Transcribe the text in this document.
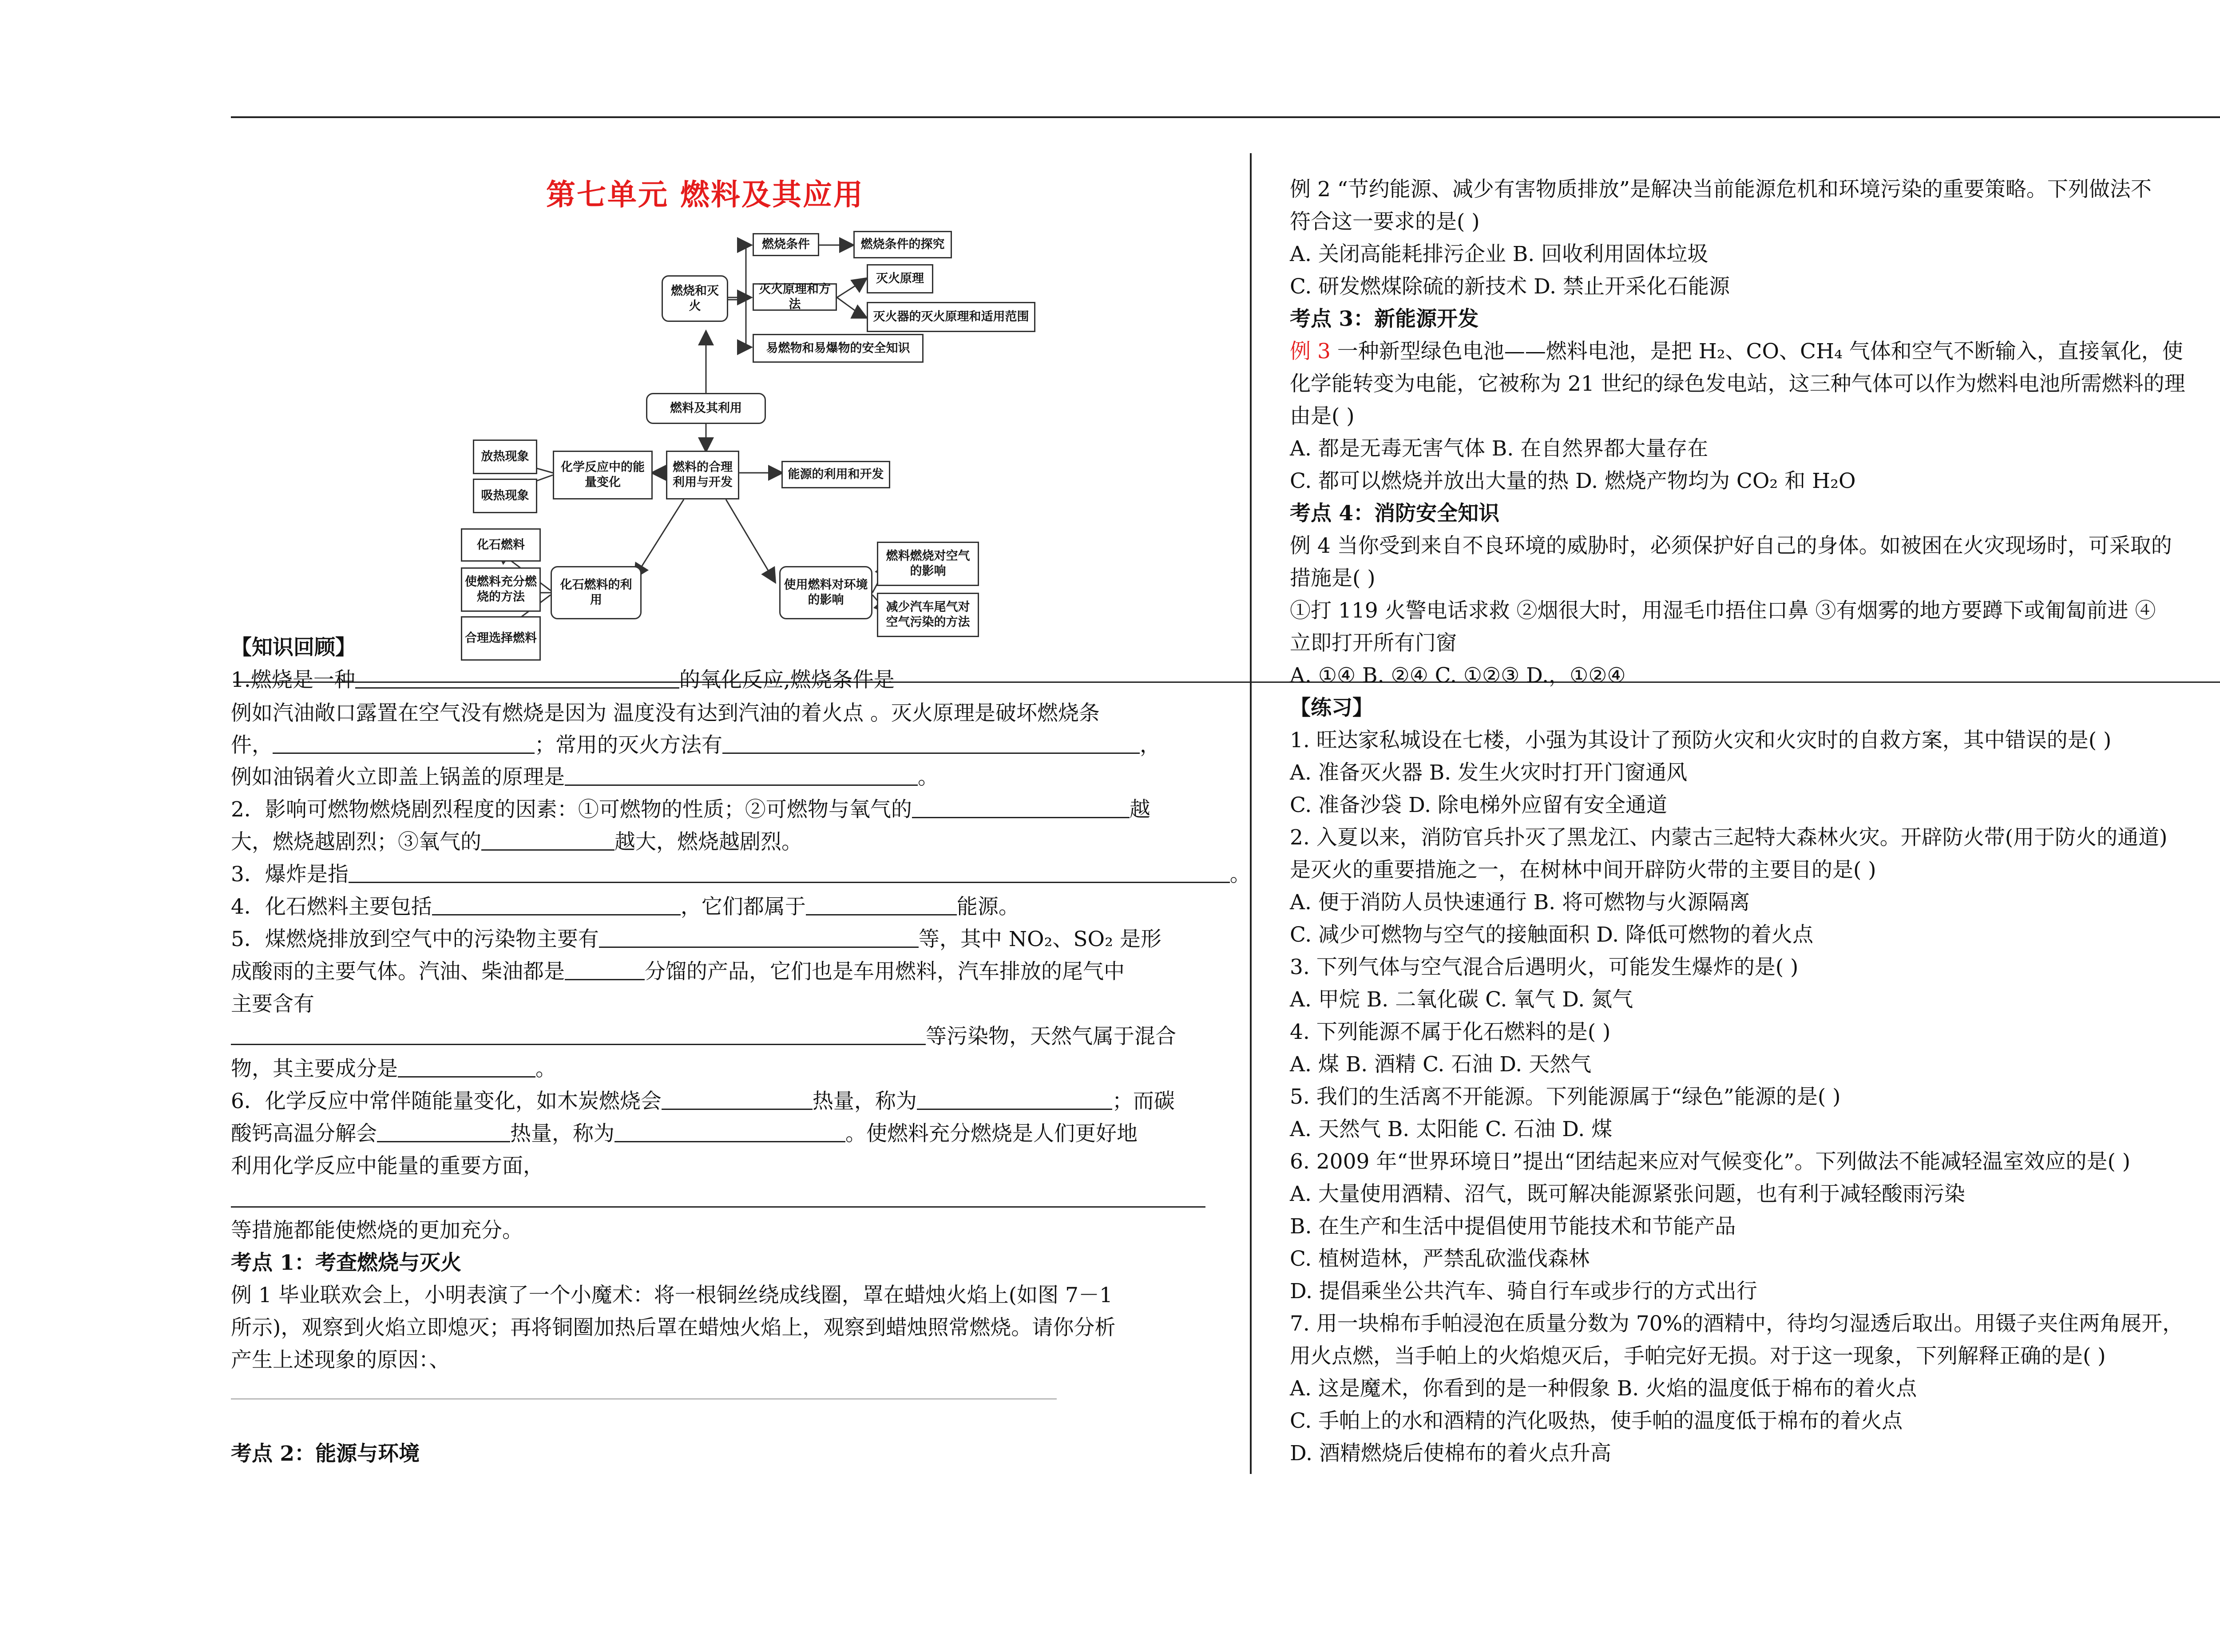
第七单元 燃料及其应用
燃料及其利用
燃烧和灭火
燃烧条件	燃烧条件的探究
灭火原理和方法
灭火原理
灭火器的灭火原理和适用范围
易燃物和易爆物的安全知识
燃料的合理利用与开发
化学反应中的能量变化
放热现象
吸热现象
能源的利用和开发
化石燃料的利用
化石燃料
使燃料充分燃烧的方法
合理选择燃料
使用燃料对环境的影响
燃料燃烧对空气的影响
减少汽车尾气对空气污染的方法
【知识回顾】
1.燃烧是一种	的氧化反应,燃烧条件是
例如汽油敞口露置在空气没有燃烧是因为 温度没有达到汽油的着火点 。灭火原理是破坏燃烧条
件，	；常用的灭火方法有	，
例如油锅着火立即盖上锅盖的原理是	。
2．影响可燃物燃烧剧烈程度的因素：①可燃物的性质；②可燃物与氧气的	越
大，燃烧越剧烈；③氧气的	越大，燃烧越剧烈。
3．爆炸是指	。
4．化石燃料主要包括	，它们都属于	能源。
5．煤燃烧排放到空气中的污染物主要有	等，其中 NO₂、SO₂ 是形
成酸雨的主要气体。汽油、柴油都是	分馏的产品，它们也是车用燃料，汽车排放的尾气中
主要含有
等污染物，天然气属于混合
物，其主要成分是	。
6．化学反应中常伴随能量变化，如木炭燃烧会	热量，称为	；而碳
酸钙高温分解会	热量，称为	。使燃料充分燃烧是人们更好地
利用化学反应中能量的重要方面，
等措施都能使燃烧的更加充分。
考点 1：考查燃烧与灭火
例 1 毕业联欢会上，小明表演了一个小魔术：将一根铜丝绕成线圈，罩在蜡烛火焰上(如图 7－1
所示)，观察到火焰立即熄灭；再将铜圈加热后罩在蜡烛火焰上，观察到蜡烛照常燃烧。请你分析
产生上述现象的原因：、
考点 2：能源与环境
例 2 “节约能源、减少有害物质排放”是解决当前能源危机和环境污染的重要策略。下列做法不
符合这一要求的是( )
A. 关闭高能耗排污企业 B. 回收利用固体垃圾
C. 研发燃煤除硫的新技术 D. 禁止开采化石能源
考点 3：新能源开发
例 3 一种新型绿色电池——燃料电池，是把 H₂、CO、CH₄ 气体和空气不断输入，直接氧化，使
化学能转变为电能，它被称为 21 世纪的绿色发电站，这三种气体可以作为燃料电池所需燃料的理
由是( )
A. 都是无毒无害气体 B. 在自然界都大量存在
C. 都可以燃烧并放出大量的热 D. 燃烧产物均为 CO₂ 和 H₂O
考点 4：消防安全知识
例 4 当你受到来自不良环境的威胁时，必须保护好自己的身体。如被困在火灾现场时，可采取的
措施是( )
①打 119 火警电话求救 ②烟很大时，用湿毛巾捂住口鼻 ③有烟雾的地方要蹲下或匍匐前进 ④
立即打开所有门窗
A. ①④ B. ②④ C. ①②③ D.，①②④
【练习】
1. 旺达家私城设在七楼，小强为其设计了预防火灾和火灾时的自救方案，其中错误的是( )
A. 准备灭火器 B. 发生火灾时打开门窗通风
C. 准备沙袋 D. 除电梯外应留有安全通道
2. 入夏以来，消防官兵扑灭了黑龙江、内蒙古三起特大森林火灾。开辟防火带(用于防火的通道)
是灭火的重要措施之一，在树林中间开辟防火带的主要目的是( )
A. 便于消防人员快速通行 B. 将可燃物与火源隔离
C. 减少可燃物与空气的接触面积 D. 降低可燃物的着火点
3. 下列气体与空气混合后遇明火，可能发生爆炸的是( )
A. 甲烷 B. 二氧化碳 C. 氧气 D. 氮气
4. 下列能源不属于化石燃料的是( )
A. 煤 B. 酒精 C. 石油 D. 天然气
5. 我们的生活离不开能源。下列能源属于“绿色”能源的是( )
A. 天然气 B. 太阳能 C. 石油 D. 煤
6. 2009 年“世界环境日”提出“团结起来应对气候变化”。下列做法不能减轻温室效应的是( )
A. 大量使用酒精、沼气，既可解决能源紧张问题，也有利于减轻酸雨污染
B. 在生产和生活中提倡使用节能技术和节能产品
C. 植树造林，严禁乱砍滥伐森林
D. 提倡乘坐公共汽车、骑自行车或步行的方式出行
7. 用一块棉布手帕浸泡在质量分数为 70%的酒精中，待均匀湿透后取出。用镊子夹住两角展开，
用火点燃，当手帕上的火焰熄灭后，手帕完好无损。对于这一现象，下列解释正确的是( )
A. 这是魔术，你看到的是一种假象 B. 火焰的温度低于棉布的着火点
C. 手帕上的水和酒精的汽化吸热，使手帕的温度低于棉布的着火点
D. 酒精燃烧后使棉布的着火点升高
